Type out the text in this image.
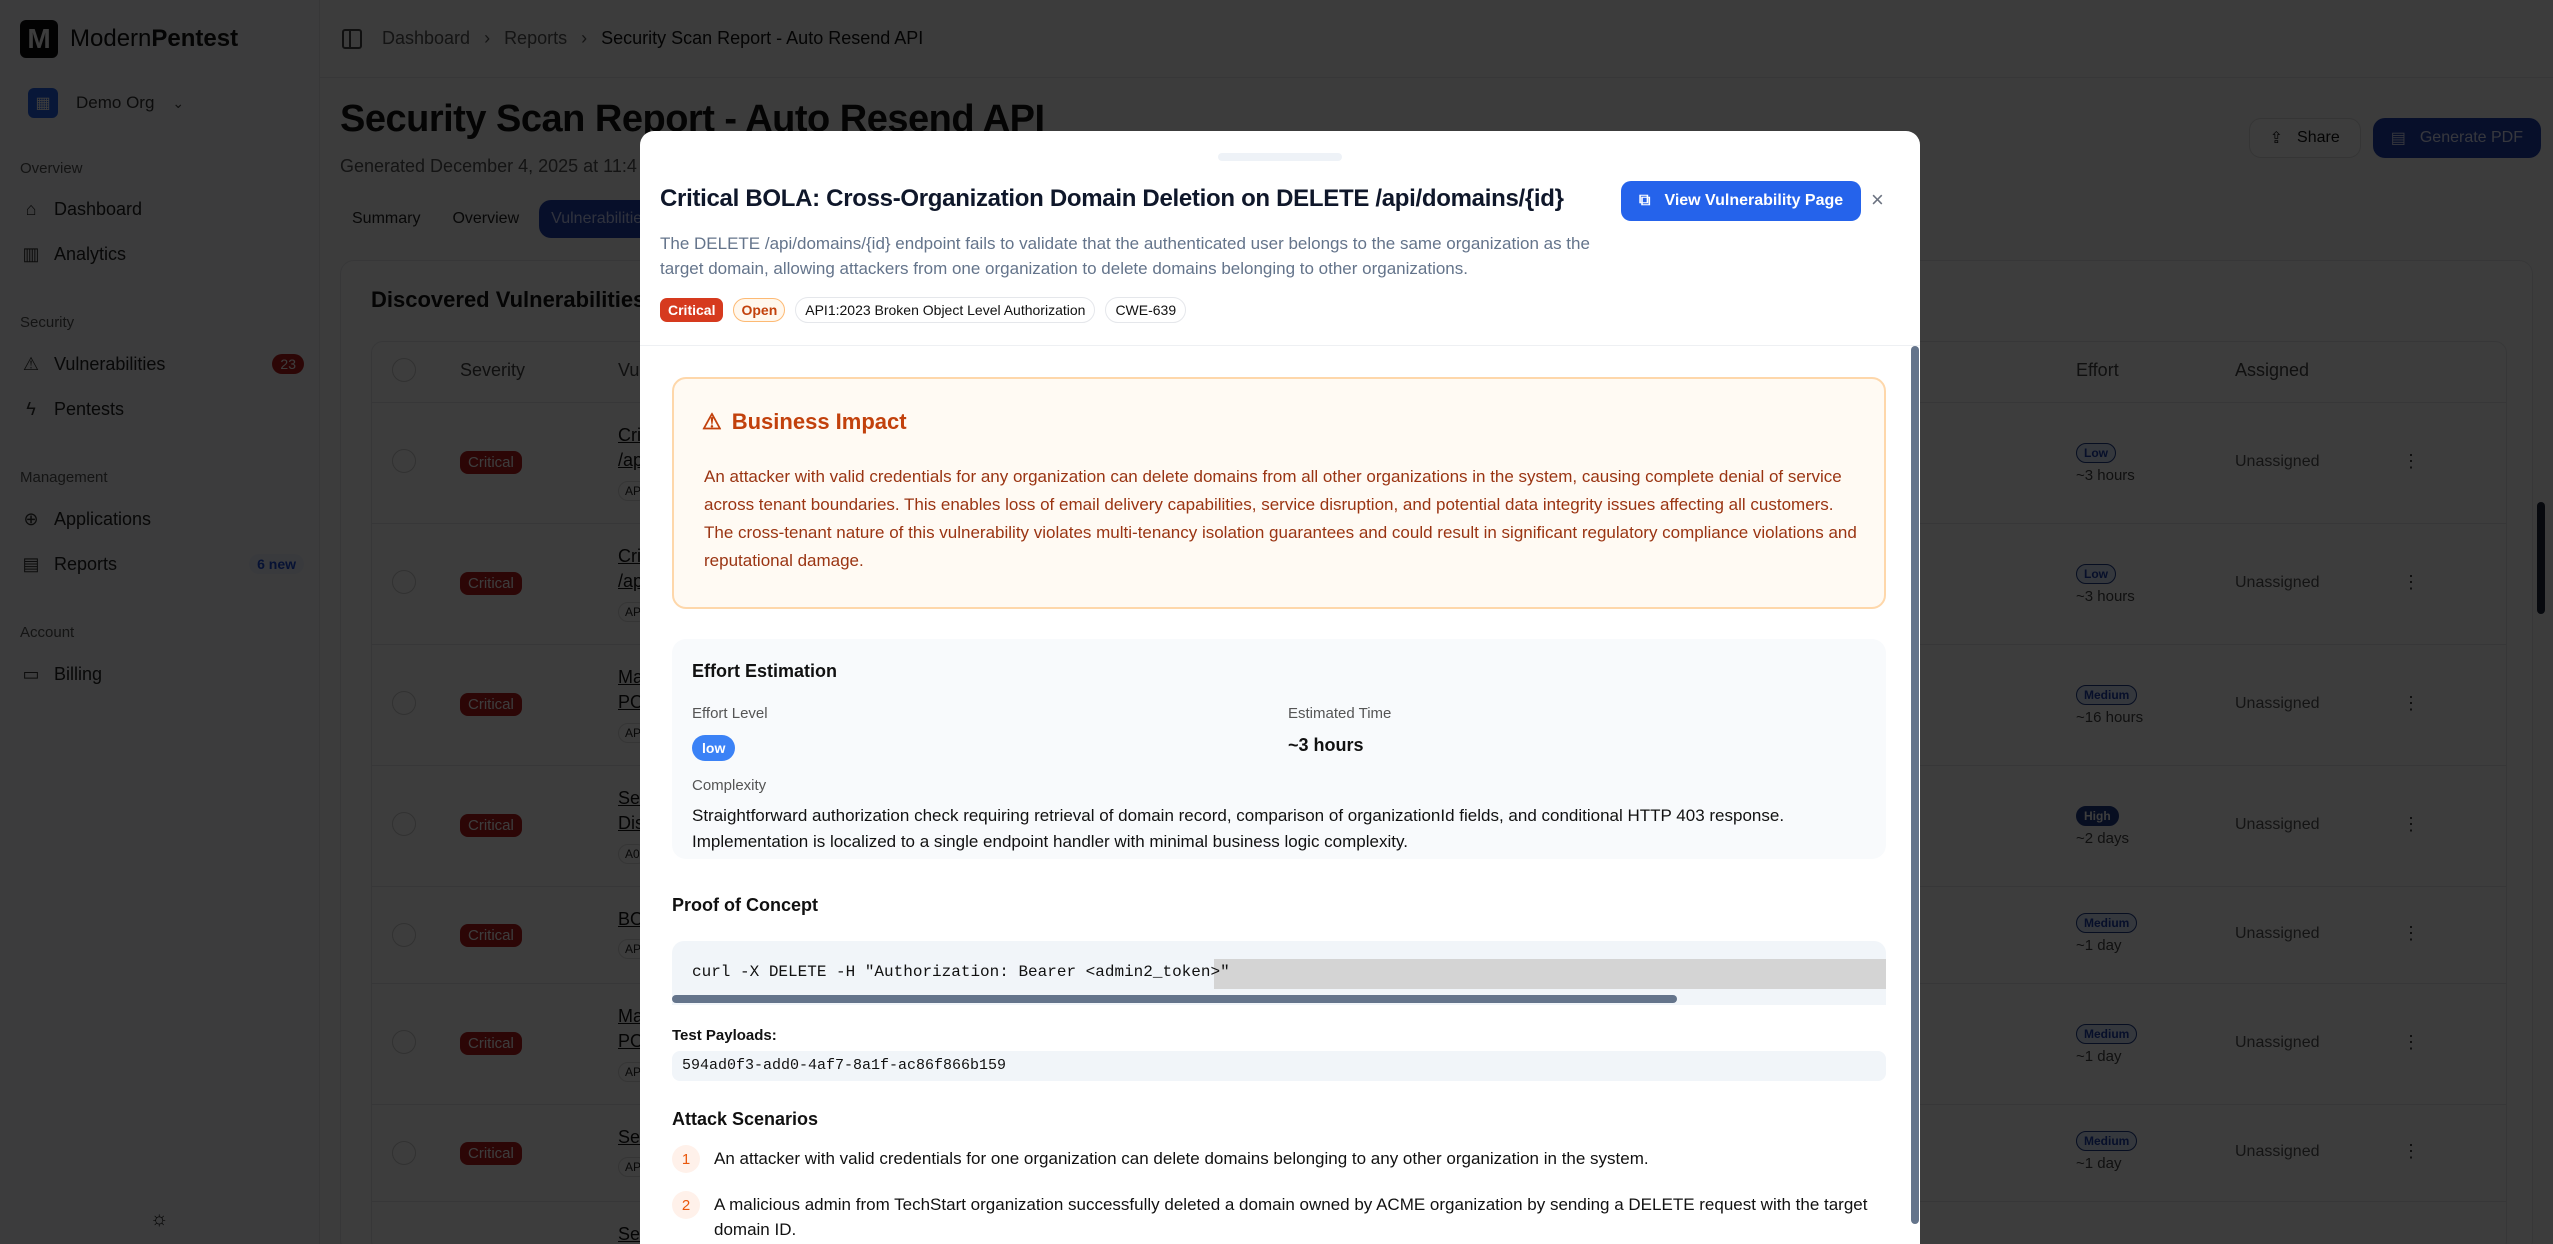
Critical BOLA: Cross-Organization Domain Deletion on DELETE /api/domains/{id}	⧉ View Vulnerability Page ×

The DELETE /api/domains/{id} endpoint fails to validate that the authenticated user belongs to the same organization as the target domain, allowing attackers from one organization to delete domains belonging to other organizations.

Critical	Open	API1:2023 Broken Object Level Authorization	CWE-639
⚠ Business Impact

An attacker with valid credentials for any organization can delete domains from all other organizations in the system, causing complete denial of service across tenant boundaries. This enables loss of email delivery capabilities, service disruption, and potential data integrity issues affecting all customers. The cross-tenant nature of this vulnerability violates multi-tenancy isolation guarantees and could result in significant regulatory compliance violations and reputational damage.

Effort Estimation
Effort Level
low
Estimated Time
~3 hours
Complexity

Straightforward authorization check requiring retrieval of domain record, comparison of organizationId fields, and conditional HTTP 403 response. Implementation is localized to a single endpoint handler with minimal business logic complexity.

Proof of Concept
curl -X DELETE -H "Authorization: Bearer <admin2_token>"
Test Payloads:
594ad0f3-add0-4af7-8a1f-ac86f866b159
Attack Scenarios
1	An attacker with valid credentials for one organization can delete domains belonging to any other organization in the system.
2	A malicious admin from TechStart organization successfully deleted a domain owned by ACME organization by sending a DELETE request with the target domain ID.
